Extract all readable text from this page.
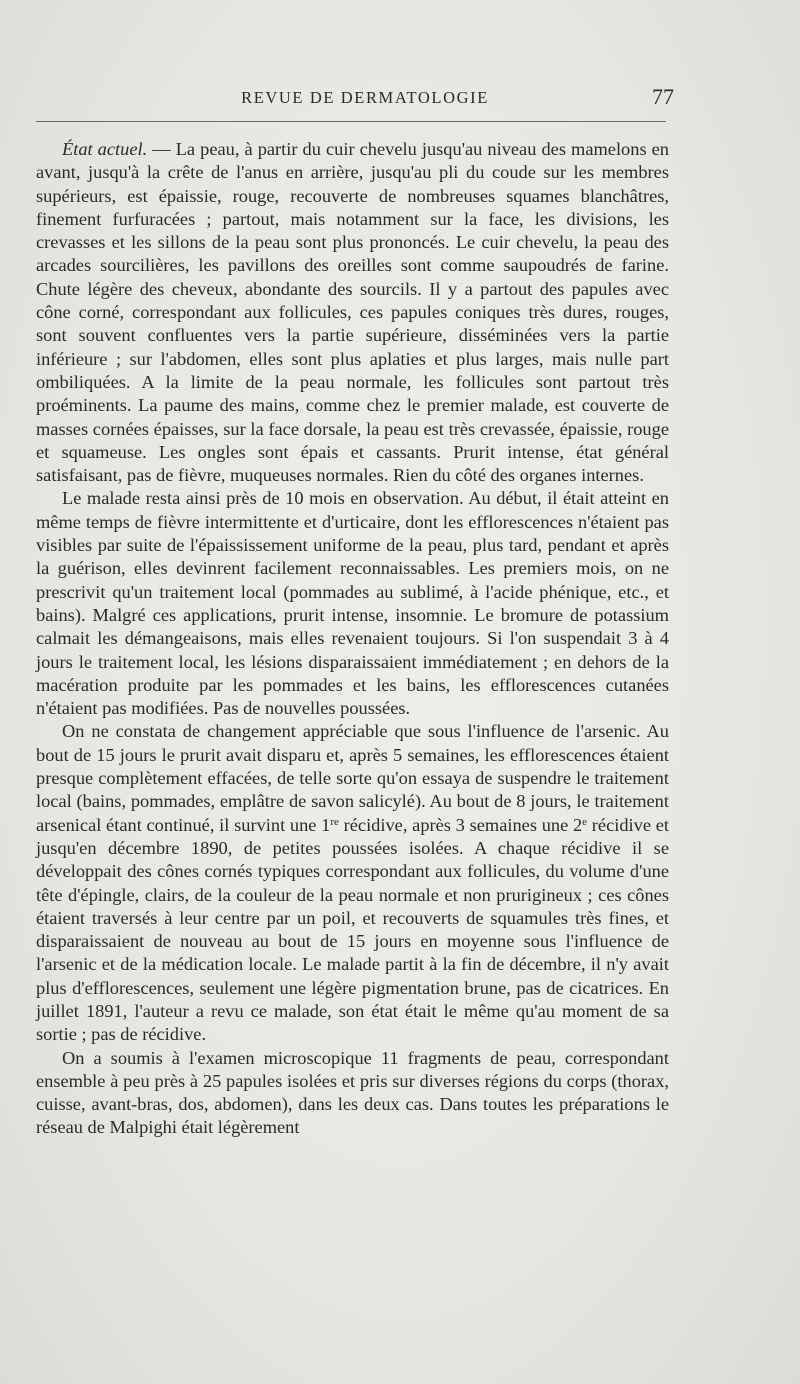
REVUE DE DERMATOLOGIE	77

État actuel. — La peau, à partir du cuir chevelu jusqu'au niveau des mamelons en avant, jusqu'à la crête de l'anus en arrière, jusqu'au pli du coude sur les membres supérieurs, est épaissie, rouge, recouverte de nombreuses squames blanchâtres, finement furfuracées ; partout, mais notamment sur la face, les divisions, les crevasses et les sillons de la peau sont plus prononcés. Le cuir chevelu, la peau des arcades sourcilières, les pavillons des oreilles sont comme saupoudrés de farine. Chute légère des cheveux, abondante des sourcils. Il y a partout des papules avec cône corné, correspondant aux follicules, ces papules coniques très dures, rouges, sont souvent confluentes vers la partie supérieure, disséminées vers la partie inférieure ; sur l'abdomen, elles sont plus aplaties et plus larges, mais nulle part ombiliquées. A la limite de la peau normale, les follicules sont partout très proéminents. La paume des mains, comme chez le premier malade, est couverte de masses cornées épaisses, sur la face dorsale, la peau est très crevassée, épaissie, rouge et squameuse. Les ongles sont épais et cassants. Prurit intense, état général satisfaisant, pas de fièvre, muqueuses normales. Rien du côté des organes internes.

Le malade resta ainsi près de 10 mois en observation. Au début, il était atteint en même temps de fièvre intermittente et d'urticaire, dont les efflorescences n'étaient pas visibles par suite de l'épaississement uniforme de la peau, plus tard, pendant et après la guérison, elles devinrent facilement reconnaissables. Les premiers mois, on ne prescrivit qu'un traitement local (pommades au sublimé, à l'acide phénique, etc., et bains). Malgré ces applications, prurit intense, insomnie. Le bromure de potassium calmait les démangeaisons, mais elles revenaient toujours. Si l'on suspendait 3 à 4 jours le traitement local, les lésions disparaissaient immédiatement ; en dehors de la macération produite par les pommades et les bains, les efflorescences cutanées n'étaient pas modifiées. Pas de nouvelles poussées.

On ne constata de changement appréciable que sous l'influence de l'arsenic. Au bout de 15 jours le prurit avait disparu et, après 5 semaines, les efflorescences étaient presque complètement effacées, de telle sorte qu'on essaya de suspendre le traitement local (bains, pommades, emplâtre de savon salicylé). Au bout de 8 jours, le traitement arsenical étant continué, il survint une 1re récidive, après 3 semaines une 2e récidive et jusqu'en décembre 1890, de petites poussées isolées. A chaque récidive il se développait des cônes cornés typiques correspondant aux follicules, du volume d'une tête d'épingle, clairs, de la couleur de la peau normale et non prurigineux ; ces cônes étaient traversés à leur centre par un poil, et recouverts de squamules très fines, et disparaissaient de nouveau au bout de 15 jours en moyenne sous l'influence de l'arsenic et de la médication locale. Le malade partit à la fin de décembre, il n'y avait plus d'efflorescences, seulement une légère pigmentation brune, pas de cicatrices. En juillet 1891, l'auteur a revu ce malade, son état était le même qu'au moment de sa sortie ; pas de récidive.

On a soumis à l'examen microscopique 11 fragments de peau, correspondant ensemble à peu près à 25 papules isolées et pris sur diverses régions du corps (thorax, cuisse, avant-bras, dos, abdomen), dans les deux cas. Dans toutes les préparations le réseau de Malpighi était légèrement
